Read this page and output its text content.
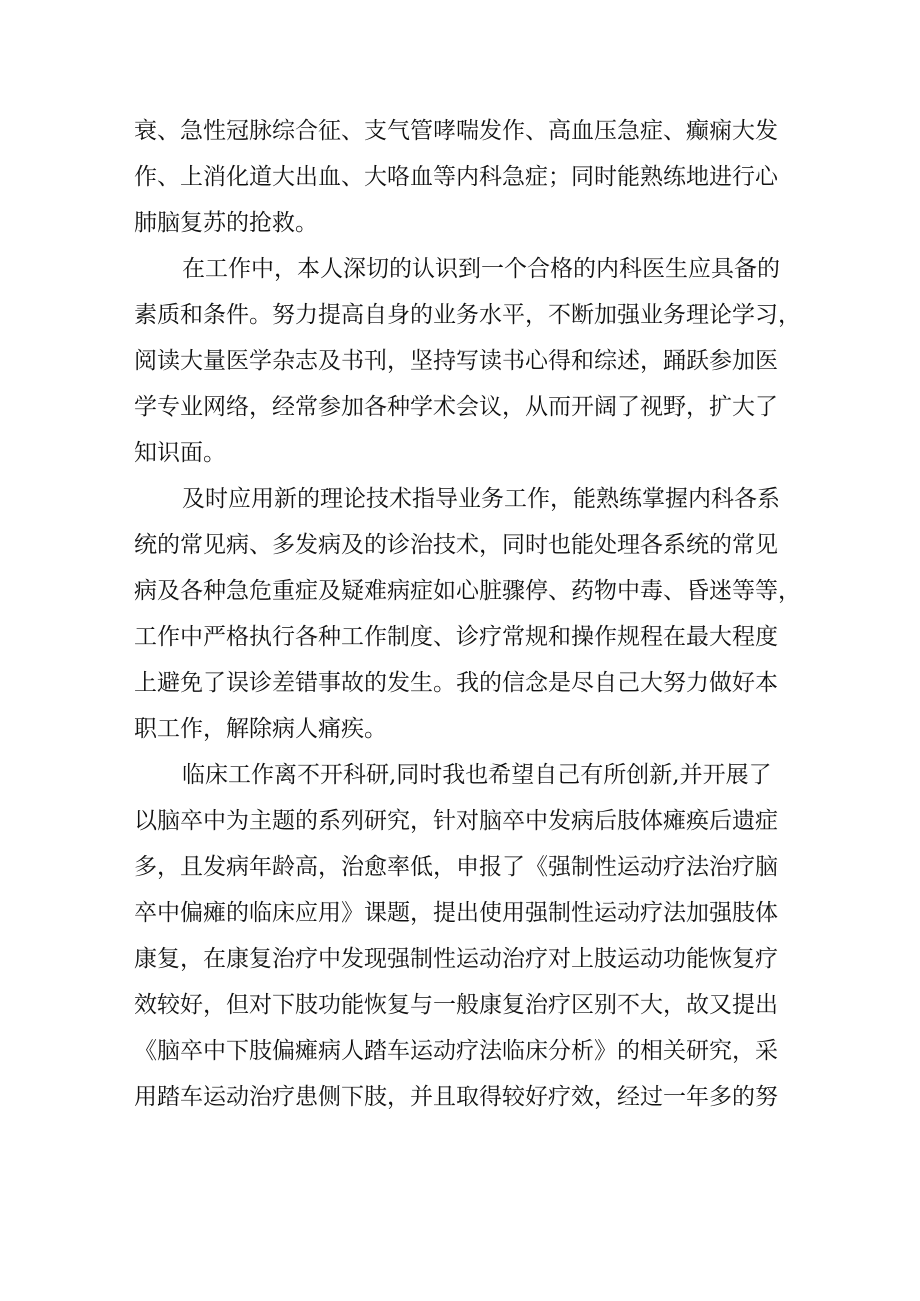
衰、急性冠脉综合征、支气管哮喘发作、高血压急症、癫痫大发
作、上消化道大出血、大咯血等内科急症；同时能熟练地进行心
肺脑复苏的抢救。
在工作中，本人深切的认识到一个合格的内科医生应具备的
素质和条件。努力提高自身的业务水平，不断加强业务理论学习，
阅读大量医学杂志及书刊，坚持写读书心得和综述，踊跃参加医
学专业网络，经常参加各种学术会议，从而开阔了视野，扩大了
知识面。
及时应用新的理论技术指导业务工作，能熟练掌握内科各系
统的常见病、多发病及的诊治技术，同时也能处理各系统的常见
病及各种急危重症及疑难病症如心脏骤停、药物中毒、昏迷等等，
工作中严格执行各种工作制度、诊疗常规和操作规程在最大程度
上避免了误诊差错事故的发生。我的信念是尽自己大努力做好本
职工作，解除病人痛疾。
临床工作离不开科研,同时我也希望自己有所创新,并开展了
以脑卒中为主题的系列研究，针对脑卒中发病后肢体瘫痪后遗症
多，且发病年龄高，治愈率低，申报了《强制性运动疗法治疗脑
卒中偏瘫的临床应用》课题，提出使用强制性运动疗法加强肢体
康复，在康复治疗中发现强制性运动治疗对上肢运动功能恢复疗
效较好，但对下肢功能恢复与一般康复治疗区别不大，故又提出
《脑卒中下肢偏瘫病人踏车运动疗法临床分析》的相关研究，采
用踏车运动治疗患侧下肢，并且取得较好疗效，经过一年多的努
